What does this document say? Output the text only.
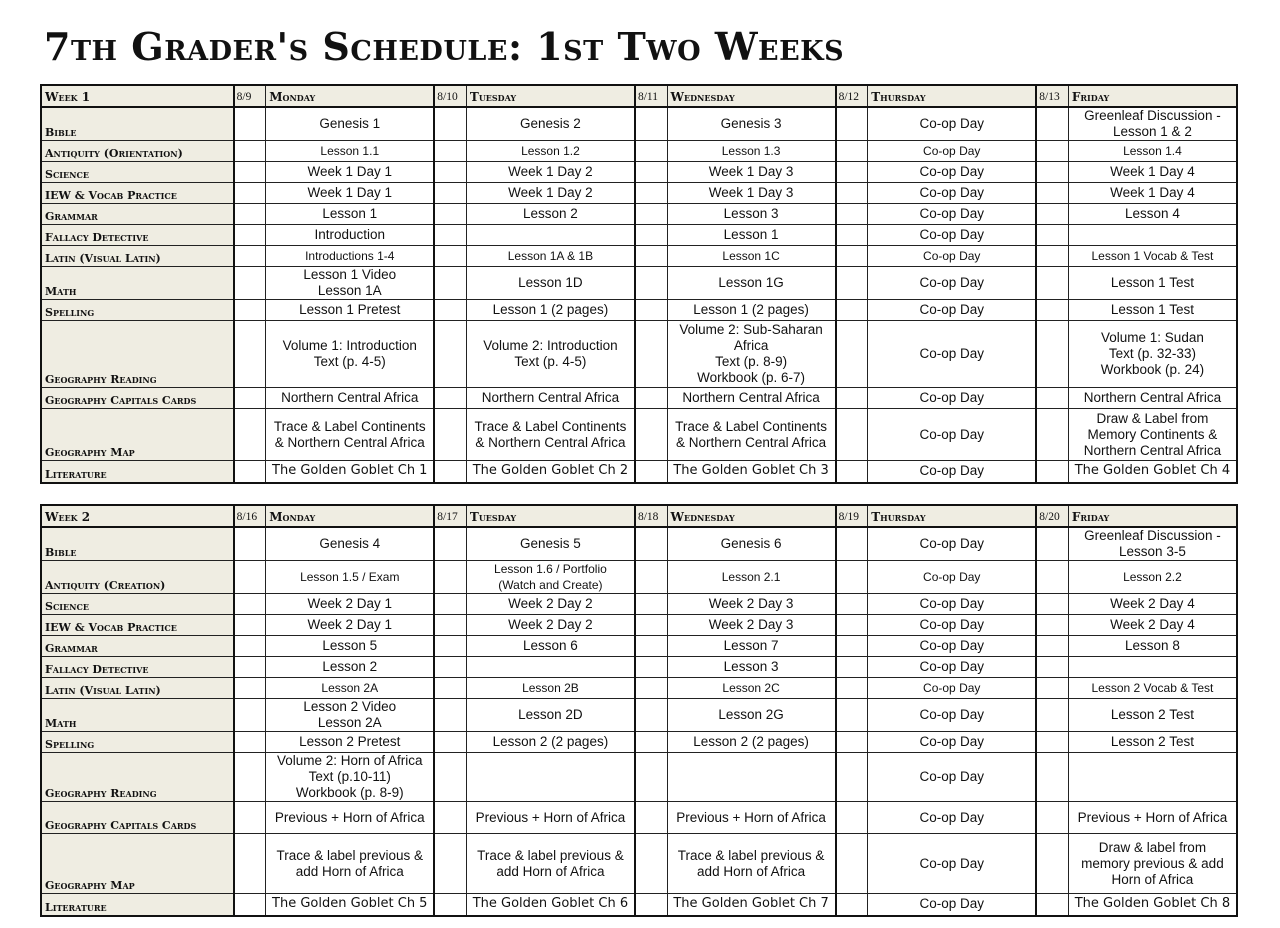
7th Grader's Schedule: 1st Two Weeks
Week 1	8/9	Monday	8/10	Tuesday	8/11	Wednesday	8/12	Thursday	8/13	Friday
Bible		Genesis 1		Genesis 2		Genesis 3		Co-op Day		Greenleaf Discussion -
Lesson 1 & 2
Antiquity (Orientation)		Lesson 1.1		Lesson 1.2		Lesson 1.3		Co-op Day		Lesson 1.4
Science		Week 1 Day 1		Week 1 Day 2		Week 1 Day 3		Co-op Day		Week 1 Day 4
IEW & Vocab Practice		Week 1 Day 1		Week 1 Day 2		Week 1 Day 3		Co-op Day		Week 1 Day 4
Grammar		Lesson 1		Lesson 2		Lesson 3		Co-op Day		Lesson 4
Fallacy Detective		Introduction				Lesson 1		Co-op Day		
Latin (Visual Latin)		Introductions 1-4		Lesson 1A & 1B		Lesson 1C		Co-op Day		Lesson 1 Vocab & Test
Math		Lesson 1 Video
Lesson 1A		Lesson 1D		Lesson 1G		Co-op Day		Lesson 1 Test
Spelling		Lesson 1 Pretest		Lesson 1 (2 pages)		Lesson 1 (2 pages)		Co-op Day		Lesson 1 Test
Geography Reading		Volume 1: Introduction
Text (p. 4-5)		Volume 2: Introduction
Text (p. 4-5)		Volume 2: Sub-Saharan
Africa
Text (p. 8-9)
Workbook (p. 6-7)		Co-op Day		Volume 1: Sudan
Text (p. 32-33)
Workbook (p. 24)
Geography Capitals Cards		Northern Central Africa		Northern Central Africa		Northern Central Africa		Co-op Day		Northern Central Africa
Geography Map		Trace & Label Continents
& Northern Central Africa		Trace & Label Continents
& Northern Central Africa		Trace & Label Continents
& Northern Central Africa		Co-op Day		Draw & Label from
Memory Continents &
Northern Central Africa
Literature		The Golden Goblet Ch 1		The Golden Goblet Ch 2		The Golden Goblet Ch 3		Co-op Day		The Golden Goblet Ch 4
Week 2	8/16	Monday	8/17	Tuesday	8/18	Wednesday	8/19	Thursday	8/20	Friday
Bible		Genesis 4		Genesis 5		Genesis 6		Co-op Day		Greenleaf Discussion -
Lesson 3-5
Antiquity (Creation)		Lesson 1.5 / Exam		Lesson 1.6 / Portfolio
(Watch and Create)		Lesson 2.1		Co-op Day		Lesson 2.2
Science		Week 2 Day 1		Week 2 Day 2		Week 2 Day 3		Co-op Day		Week 2 Day 4
IEW & Vocab Practice		Week 2 Day 1		Week 2 Day 2		Week 2 Day 3		Co-op Day		Week 2 Day 4
Grammar		Lesson 5		Lesson 6		Lesson 7		Co-op Day		Lesson 8
Fallacy Detective		Lesson 2				Lesson 3		Co-op Day		
Latin (Visual Latin)		Lesson 2A		Lesson 2B		Lesson 2C		Co-op Day		Lesson 2 Vocab & Test
Math		Lesson 2 Video
Lesson 2A		Lesson 2D		Lesson 2G		Co-op Day		Lesson 2 Test
Spelling		Lesson 2 Pretest		Lesson 2 (2 pages)		Lesson 2 (2 pages)		Co-op Day		Lesson 2 Test
Geography Reading		Volume 2: Horn of Africa
Text (p.10-11)
Workbook (p. 8-9)						Co-op Day		
Geography Capitals Cards		Previous + Horn of Africa		Previous + Horn of Africa		Previous + Horn of Africa		Co-op Day		Previous + Horn of Africa
Geography Map		Trace & label previous &
add Horn of Africa		Trace & label previous &
add Horn of Africa		Trace & label previous &
add Horn of Africa		Co-op Day		Draw & label from
memory previous & add
Horn of Africa
Literature		The Golden Goblet Ch 5		The Golden Goblet Ch 6		The Golden Goblet Ch 7		Co-op Day		The Golden Goblet Ch 8
